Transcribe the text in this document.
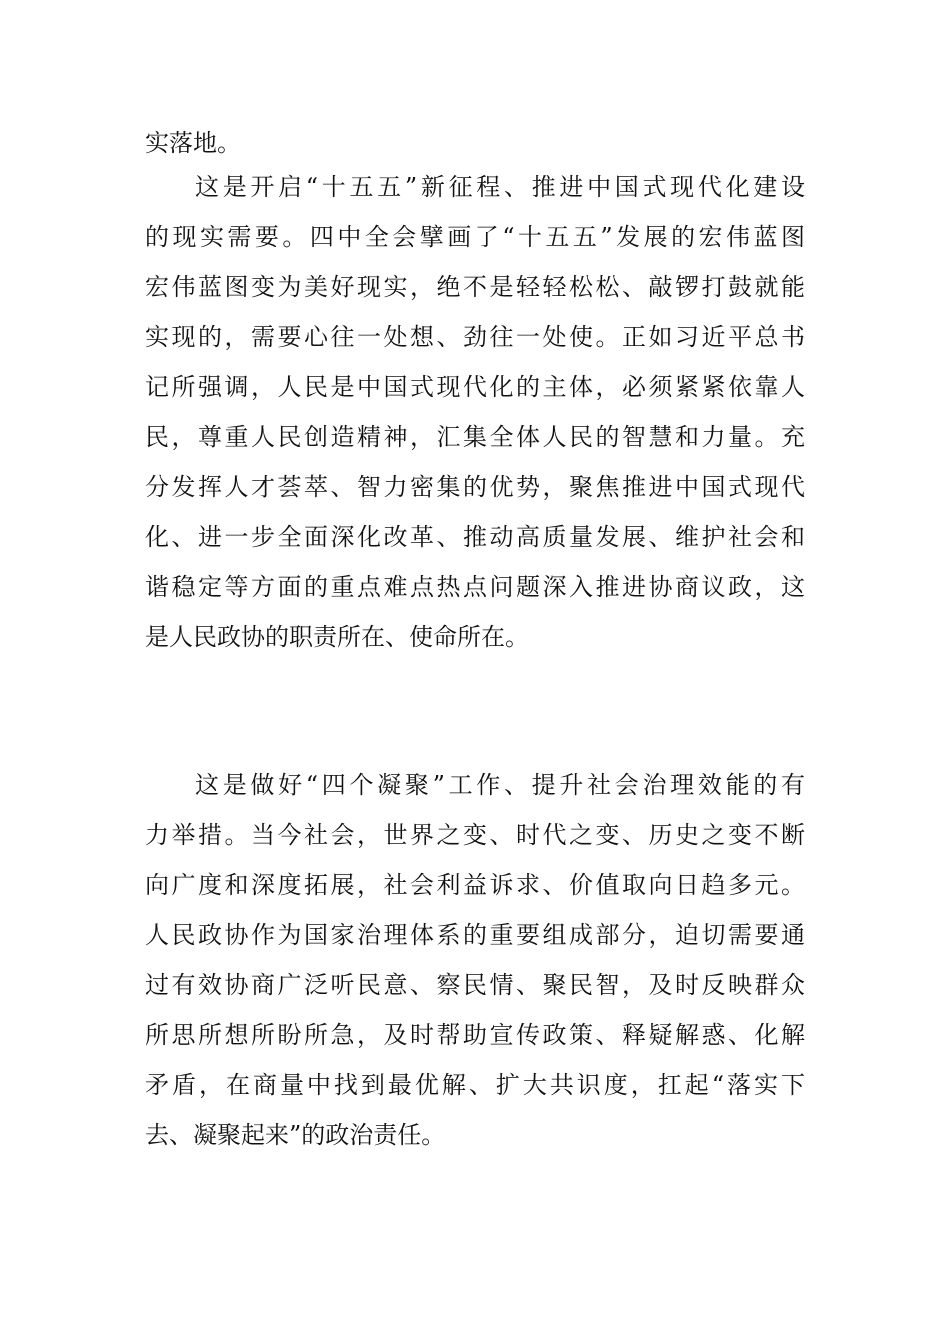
实落地。
这是开启“十五五”新征程、推进中国式现代化建设
的现实需要。四中全会擘画了“十五五”发展的宏伟蓝图
宏伟蓝图变为美好现实，绝不是轻轻松松、敲锣打鼓就能
实现的，需要心往一处想、劲往一处使。正如习近平总书
记所强调，人民是中国式现代化的主体，必须紧紧依靠人
民，尊重人民创造精神，汇集全体人民的智慧和力量。充
分发挥人才荟萃、智力密集的优势，聚焦推进中国式现代
化、进一步全面深化改革、推动高质量发展、维护社会和
谐稳定等方面的重点难点热点问题深入推进协商议政，这
是人民政协的职责所在、使命所在。
这是做好“四个凝聚”工作、提升社会治理效能的有
力举措。当今社会，世界之变、时代之变、历史之变不断
向广度和深度拓展，社会利益诉求、价值取向日趋多元。
人民政协作为国家治理体系的重要组成部分，迫切需要通
过有效协商广泛听民意、察民情、聚民智，及时反映群众
所思所想所盼所急，及时帮助宣传政策、释疑解惑、化解
矛盾，在商量中找到最优解、扩大共识度，扛起“落实下
去、凝聚起来”的政治责任。
